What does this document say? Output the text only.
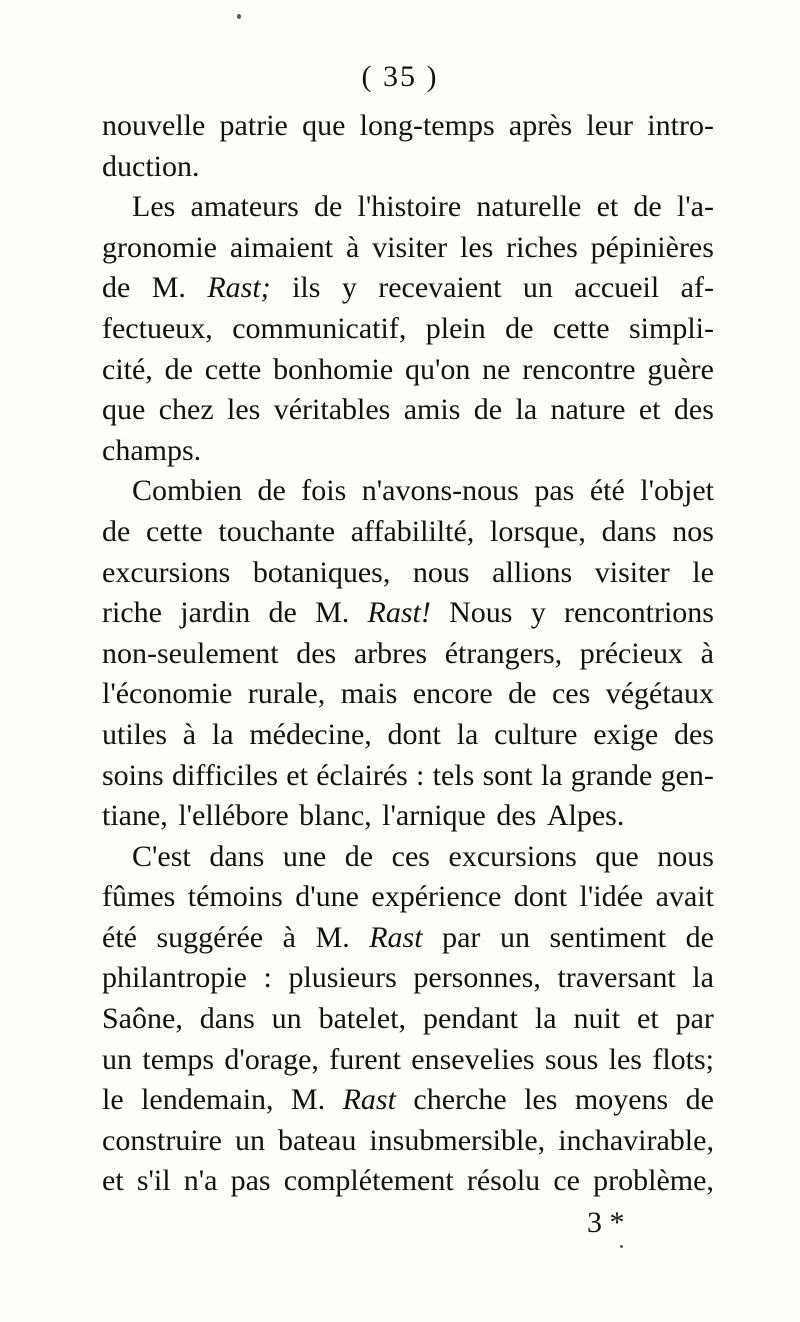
( 35 )
nouvelle patrie que long-temps après leur intro-
duction.
Les amateurs de l'histoire naturelle et de l'a-
gronomie aimaient à visiter les riches pépinières
de M. Rast; ils y recevaient un accueil af-
fectueux, communicatif, plein de cette simpli-
cité, de cette bonhomie qu'on ne rencontre guère
que chez les véritables amis de la nature et des
champs.
Combien de fois n'avons-nous pas été l'objet
de cette touchante affabililté, lorsque, dans nos
excursions botaniques, nous allions visiter le
riche jardin de M. Rast! Nous y rencontrions
non-seulement des arbres étrangers, précieux à
l'économie rurale, mais encore de ces végétaux
utiles à la médecine, dont la culture exige des
soins difficiles et éclairés : tels sont la grande gen-
tiane, l'ellébore blanc, l'arnique des Alpes.
C'est dans une de ces excursions que nous
fûmes témoins d'une expérience dont l'idée avait
été suggérée à M. Rast par un sentiment de
philantropie : plusieurs personnes, traversant la
Saône, dans un batelet, pendant la nuit et par
un temps d'orage, furent ensevelies sous les flots;
le lendemain, M. Rast cherche les moyens de
construire un bateau insubmersible, inchavirable,
et s'il n'a pas complétement résolu ce problème,
3 *
